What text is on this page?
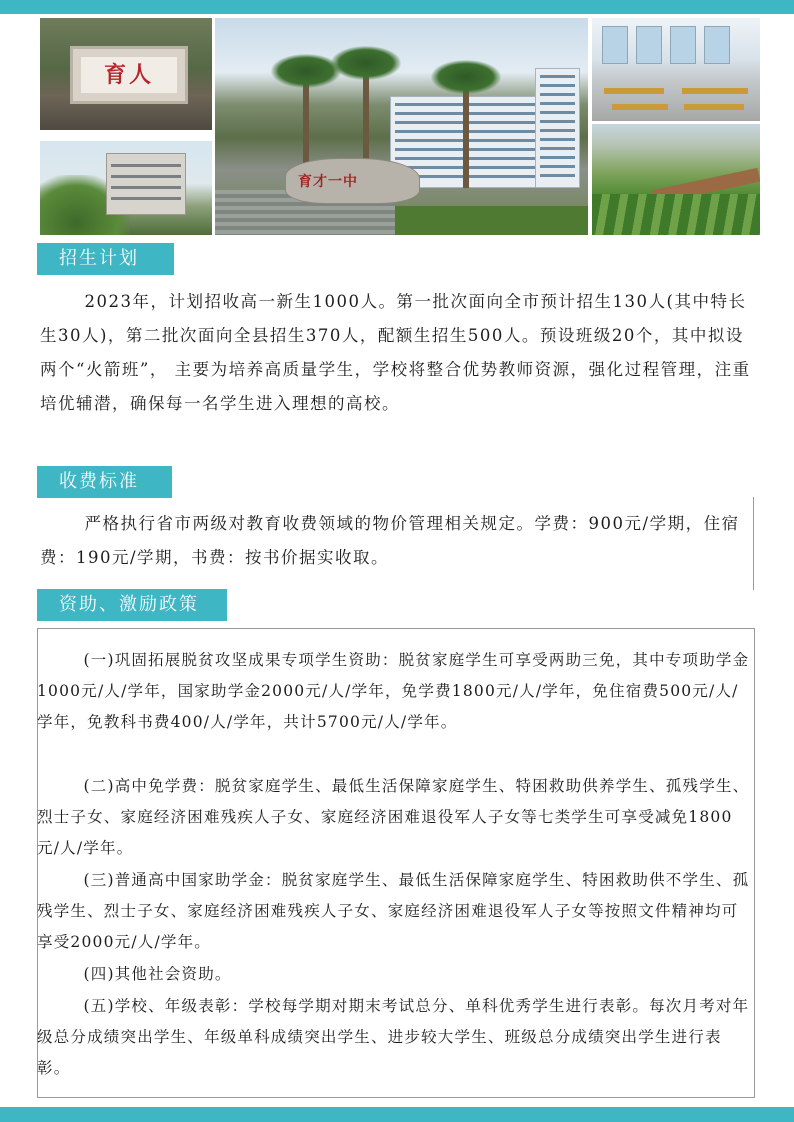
育人
育才一中
招生计划

2023年，计划招收高一新生1000人。第一批次面向全市预计招生130人(其中特长生30人)，第二批次面向全县招生370人，配额生招生500人。预设班级20个，其中拟设两个“火箭班”， 主要为培养高质量学生，学校将整合优势教师资源，强化过程管理，注重培优辅潜，确保每一名学生进入理想的高校。

收费标准

严格执行省市两级对教育收费领域的物价管理相关规定。学费：900元/学期，住宿费：190元/学期，书费：按书价据实收取。

资助、激励政策

(一)巩固拓展脱贫攻坚成果专项学生资助：脱贫家庭学生可享受两助三免，其中专项助学金1000元/人/学年，国家助学金2000元/人/学年，免学费1800元/人/学年，免住宿费500元/人/学年，免教科书费400/人/学年，共计5700元/人/学年。

(二)高中免学费：脱贫家庭学生、最低生活保障家庭学生、特困救助供养学生、孤残学生、烈士子女、家庭经济困难残疾人子女、家庭经济困难退役军人子女等七类学生可享受减免1800元/人/学年。

(三)普通高中国家助学金：脱贫家庭学生、最低生活保障家庭学生、特困救助供不学生、孤残学生、烈士子女、家庭经济困难残疾人子女、家庭经济困难退役军人子女等按照文件精神均可享受2000元/人/学年。

(四)其他社会资助。

(五)学校、年级表彰：学校每学期对期末考试总分、单科优秀学生进行表彰。每次月考对年级总分成绩突出学生、年级单科成绩突出学生、进步较大学生、班级总分成绩突出学生进行表彰。
